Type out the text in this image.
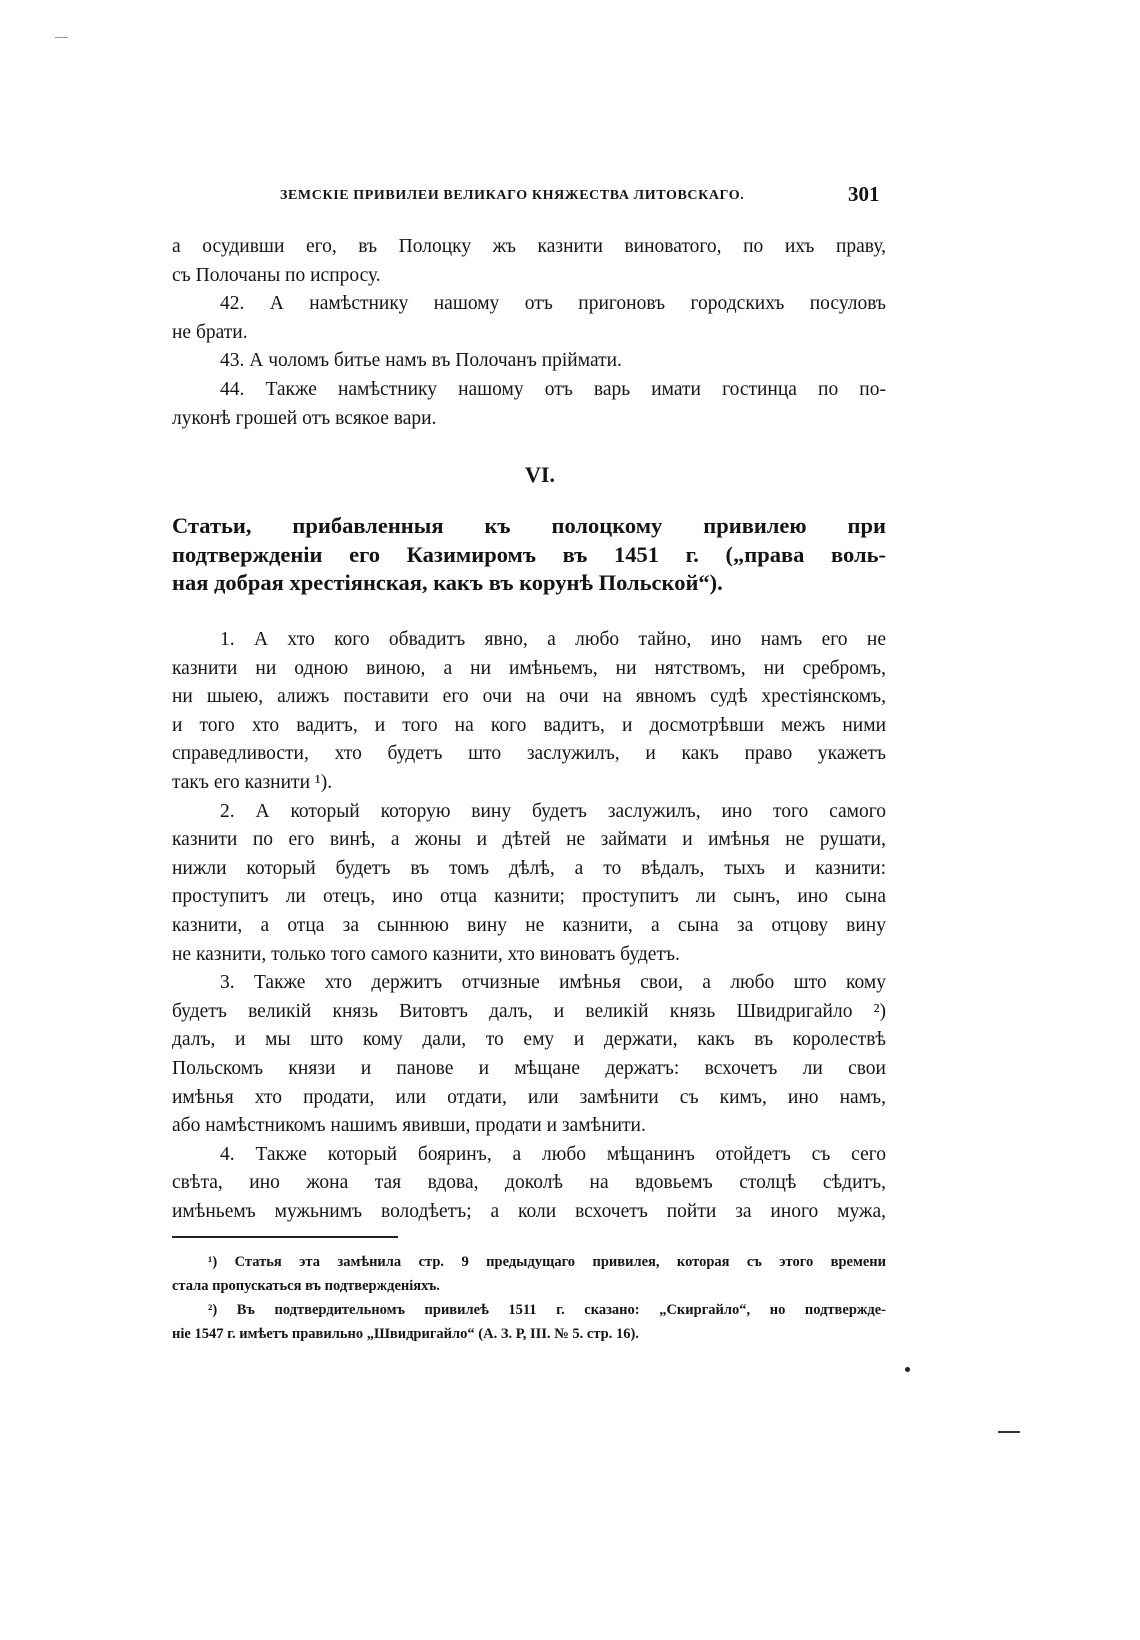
ЗЕМСКІЕ ПРИВИЛЕИ ВЕЛИКАГО КНЯЖЕСТВА ЛИТОВСКАГО.	301
а осудивши его, въ Полоцку жъ казнити виноватого, по ихъ праву,
съ Полочаны по испросу.
42. А намѣстнику нашому отъ пригоновъ городскихъ посуловъ
не брати.
43. А чоломъ битье намъ въ Полочанъ пріймати.
44. Также намѣстнику нашому отъ варь имати гостинца по по-
луконѣ грошей отъ всякое вари.
VI.
Статьи, прибавленныя къ полоцкому привилею при
подтвержденіи его Казимиромъ въ 1451 г. („права воль-
ная добрая хрестіянская, какъ въ корунѣ Польской“).
1. А хто кого обвадитъ явно, а любо тайно, ино намъ его не
казнити ни одною виною, а ни имѣньемъ, ни нятствомъ, ни сребромъ,
ни шыею, алижъ поставити его очи на очи на явномъ судѣ хрестіянскомъ,
и того хто вадитъ, и того на кого вадитъ, и досмотрѣвши межъ ними
справедливости, хто будетъ што заслужилъ, и какъ право укажетъ
такъ его казнити ¹).
2. А который которую вину будетъ заслужилъ, ино того самого
казнити по его винѣ, а жоны и дѣтей не займати и имѣнья не рушати,
нижли который будетъ въ томъ дѣлѣ, а то вѣдалъ, тыхъ и казнити:
проступитъ ли отецъ, ино отца казнити; проступитъ ли сынъ, ино сына
казнити, а отца за сыннюю вину не казнити, а сына за отцову вину
не казнити, только того самого казнити, хто виноватъ будетъ.
3. Также хто держитъ отчизные имѣнья свои, а любо што кому
будетъ великій князь Витовтъ далъ, и великій князь Швидригайло ²)
далъ, и мы што кому дали, то ему и держати, какъ въ королествѣ
Польскомъ князи и панове и мѣщане держатъ: всхочетъ ли свои
имѣнья хто продати, или отдати, или замѣнити съ кимъ, ино намъ,
або намѣстникомъ нашимъ явивши, продати и замѣнити.
4. Также который бояринъ, а любо мѣщанинъ отойдетъ съ сего
свѣта, ино жона тая вдова, доколѣ на вдовьемъ столцѣ сѣдитъ,
имѣньемъ мужьнимъ володѣетъ; а коли всхочетъ пойти за иного мужа,
¹) Статья эта замѣнила стр. 9 предыдущаго привилея, которая съ этого времени
стала пропускаться въ подтвержденіяхъ.
²) Въ подтвердительномъ привилеѣ 1511 г. сказано: „Скиргайло“, но подтвержде-
ніе 1547 г. имѣетъ правильно „Швидригайло“ (А. З. Р, III. № 5. стр. 16).
